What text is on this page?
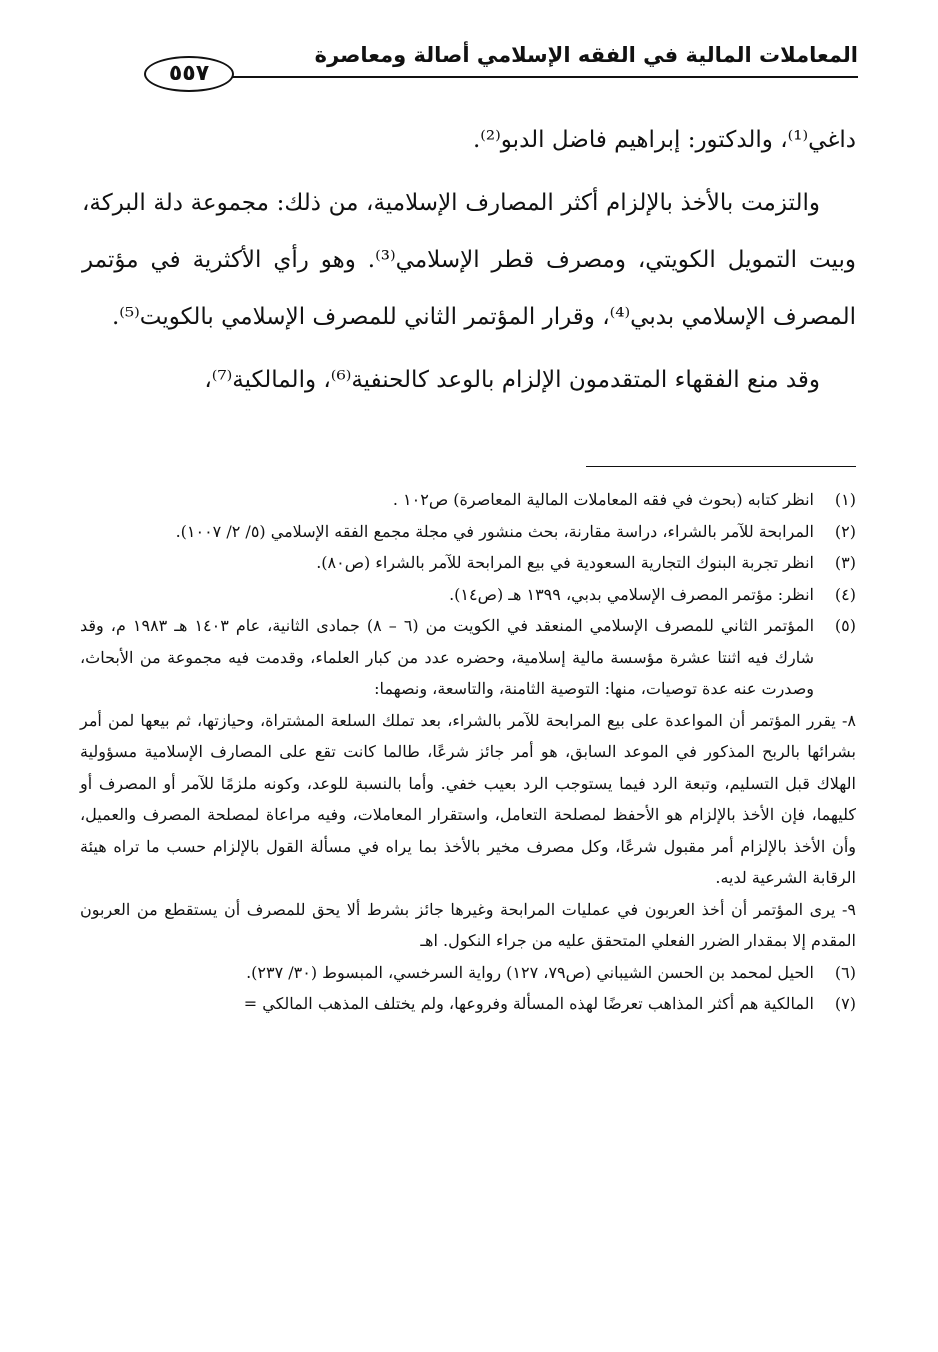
المعاملات المالية في الفقه الإسلامي أصالة ومعاصرة
٥٥٧

داغي⁽¹⁾، والدكتور: إبراهيم فاضل الدبو⁽²⁾.

والتزمت بالأخذ بالإلزام أكثر المصارف الإسلامية، من ذلك: مجموعة دلة البركة، وبيت التمويل الكويتي، ومصرف قطر الإسلامي⁽³⁾. وهو رأي الأكثرية في مؤتمر المصرف الإسلامي بدبي⁽⁴⁾، وقرار المؤتمر الثاني للمصرف الإسلامي بالكويت⁽⁵⁾.

وقد منع الفقهاء المتقدمون الإلزام بالوعد كالحنفية⁽⁶⁾، والمالكية⁽⁷⁾،

(١)
انظر كتابه (بحوث في فقه المعاملات المالية المعاصرة) ص١٠٢ .
(٢)
المرابحة للآمر بالشراء، دراسة مقارنة، بحث منشور في مجلة مجمع الفقه الإسلامي (٥/ ٢/ ١٠٠٧).
(٣)
انظر تجربة البنوك التجارية السعودية في بيع المرابحة للآمر بالشراء (ص٨٠).
(٤)
انظر: مؤتمر المصرف الإسلامي بدبي، ١٣٩٩ هـ (ص١٤).
(٥)
المؤتمر الثاني للمصرف الإسلامي المنعقد في الكويت من (٦ – ٨) جمادى الثانية، عام ١٤٠٣ هـ ١٩٨٣ م، وقد شارك فيه اثنتا عشرة مؤسسة مالية إسلامية، وحضره عدد من كبار العلماء، وقدمت فيه مجموعة من الأبحاث، وصدرت عنه عدة توصيات، منها: التوصية الثامنة، والتاسعة، ونصهما:
٨- يقرر المؤتمر أن المواعدة على بيع المرابحة للآمر بالشراء، بعد تملك السلعة المشتراة، وحيازتها، ثم بيعها لمن أمر بشرائها بالربح المذكور في الموعد السابق، هو أمر جائز شرعًا، طالما كانت تقع على المصارف الإسلامية مسؤولية الهلاك قبل التسليم، وتبعة الرد فيما يستوجب الرد بعيب خفي. وأما بالنسبة للوعد، وكونه ملزمًا للآمر أو المصرف أو كليهما، فإن الأخذ بالإلزام هو الأحفظ لمصلحة التعامل، واستقرار المعاملات، وفيه مراعاة لمصلحة المصرف والعميل، وأن الأخذ بالإلزام أمر مقبول شرعًا، وكل مصرف مخير بالأخذ بما يراه في مسألة القول بالإلزام حسب ما تراه هيئة الرقابة الشرعية لديه.
٩- يرى المؤتمر أن أخذ العربون في عمليات المرابحة وغيرها جائز بشرط ألا يحق للمصرف أن يستقطع من العربون المقدم إلا بمقدار الضرر الفعلي المتحقق عليه من جراء النكول. اهـ
(٦)
الحيل لمحمد بن الحسن الشيباني (ص٧٩، ١٢٧) رواية السرخسي، المبسوط (٣٠/ ٢٣٧).
(٧)
المالكية هم أكثر المذاهب تعرضًا لهذه المسألة وفروعها، ولم يختلف المذهب المالكي =
